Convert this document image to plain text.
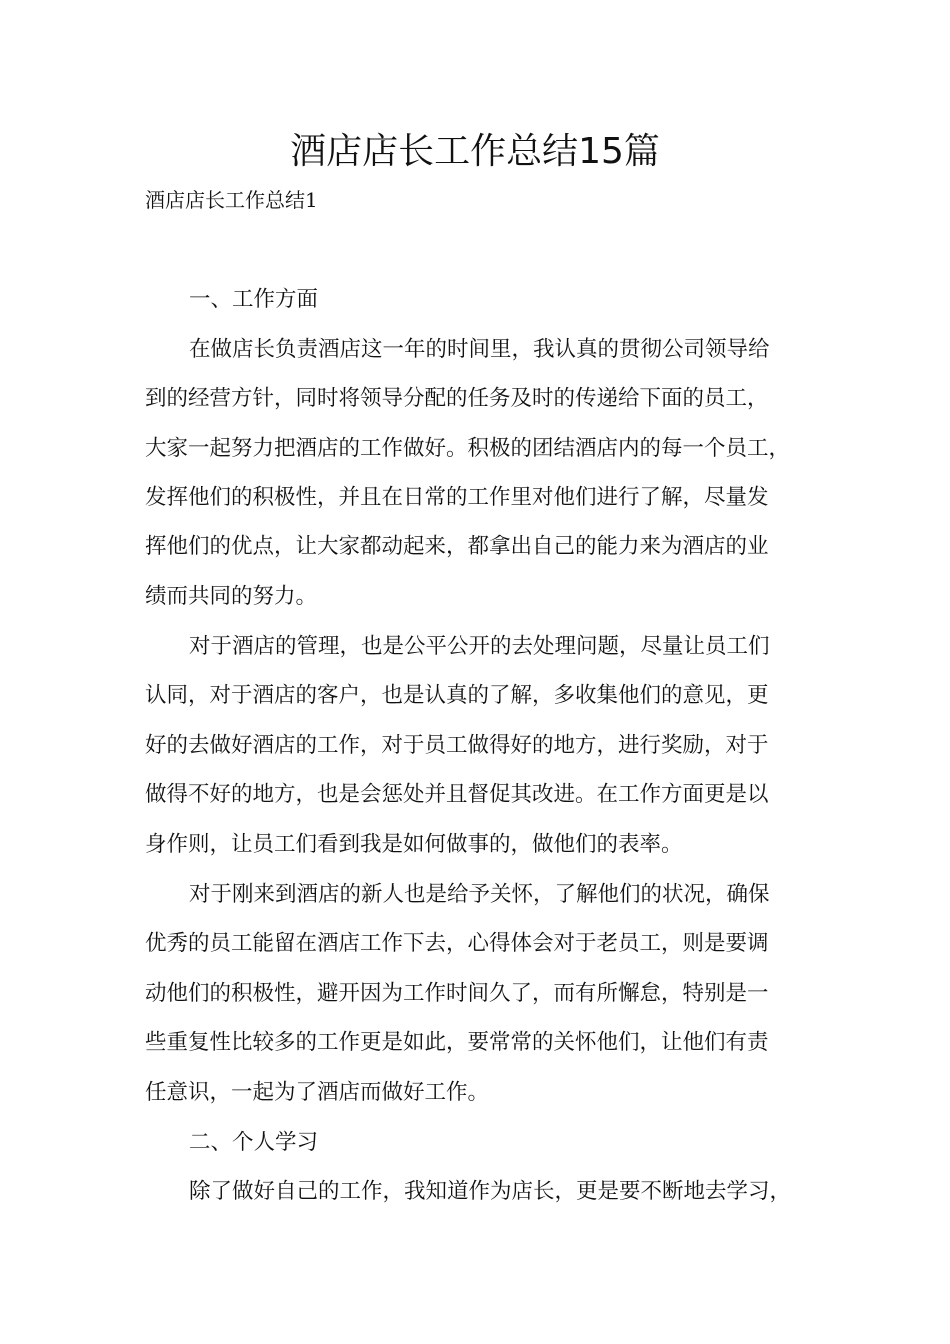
酒店店长工作总结15篇
酒店店长工作总结1
一、工作方面
在做店长负责酒店这一年的时间里，我认真的贯彻公司领导给
到的经营方针，同时将领导分配的任务及时的传递给下面的员工，
大家一起努力把酒店的工作做好。积极的团结酒店内的每一个员工，
发挥他们的积极性，并且在日常的工作里对他们进行了解，尽量发
挥他们的优点，让大家都动起来，都拿出自己的能力来为酒店的业
绩而共同的努力。
对于酒店的管理，也是公平公开的去处理问题，尽量让员工们
认同，对于酒店的客户，也是认真的了解，多收集他们的意见，更
好的去做好酒店的工作，对于员工做得好的地方，进行奖励，对于
做得不好的地方，也是会惩处并且督促其改进。在工作方面更是以
身作则，让员工们看到我是如何做事的，做他们的表率。
对于刚来到酒店的新人也是给予关怀，了解他们的状况，确保
优秀的员工能留在酒店工作下去，心得体会对于老员工，则是要调
动他们的积极性，避开因为工作时间久了，而有所懈怠，特别是一
些重复性比较多的工作更是如此，要常常的关怀他们，让他们有责
任意识，一起为了酒店而做好工作。
二、个人学习
除了做好自己的工作，我知道作为店长，更是要不断地去学习，
